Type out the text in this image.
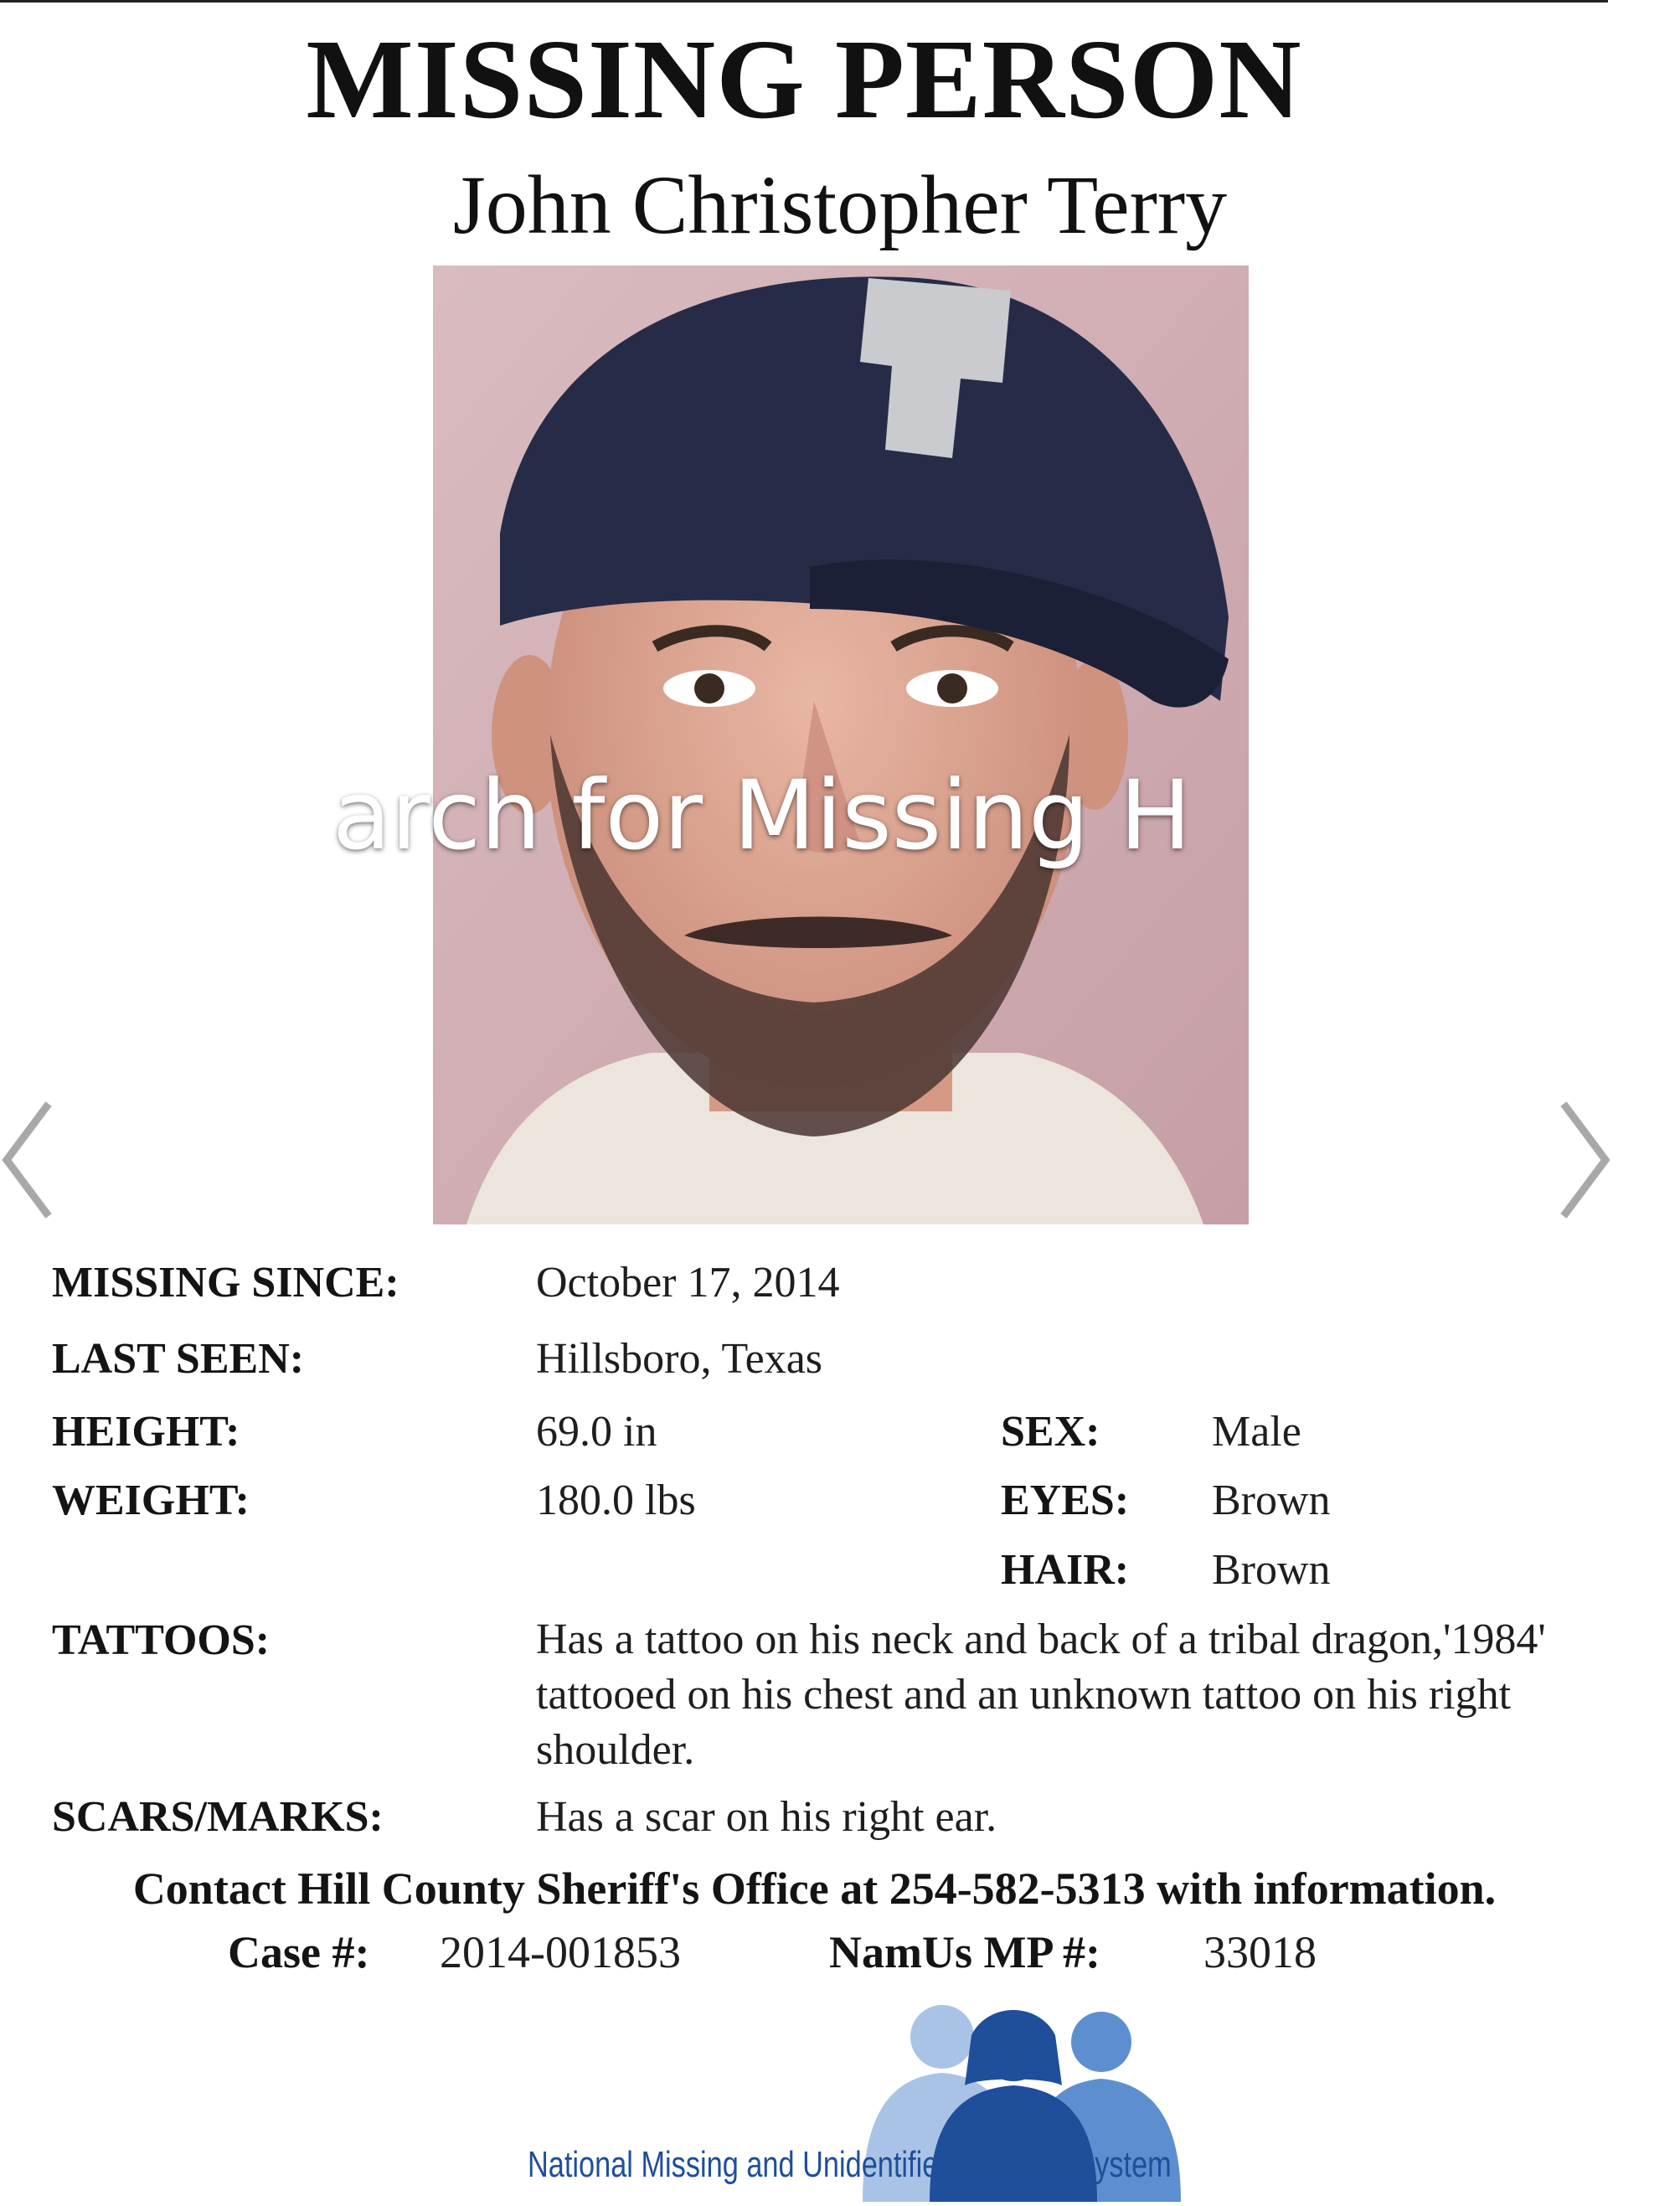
MISSING PERSON
John Christopher Terry
arch for Missing H
MISSING SINCE:	October 17, 2014
LAST SEEN:	Hillsboro, Texas
HEIGHT:	69.0 in	SEX:	Male
WEIGHT:	180.0 lbs	EYES: Brown
HAIR: Brown
TATTOOS:	Has a tattoo on his neck and back of a tribal dragon,'1984' tattooed on his chest and an unknown tattoo on his right shoulder.
SCARS/MARKS:	Has a scar on his right ear.
Contact Hill County Sheriff's Office at 254-582-5313 with information.
Case #: 2014-001853	NamUs MP #: 33018
National Missing and Unidentified Persons System
